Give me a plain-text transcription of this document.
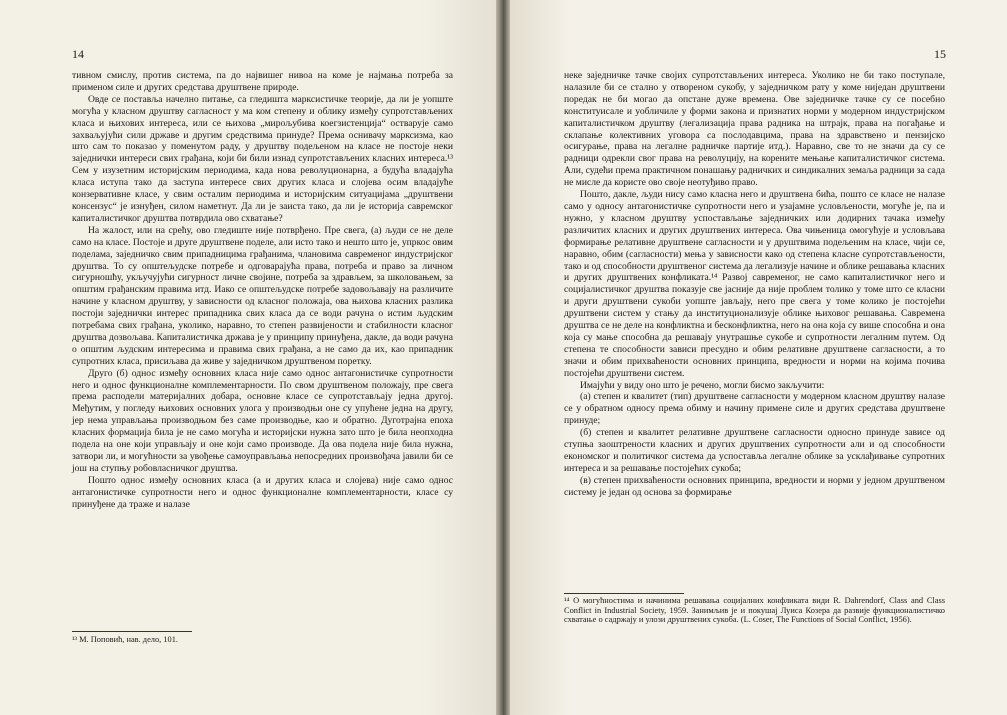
14

тивном смислу, против система, па до највишег нивоа на коме је најмања потреба за применом силе и других средстава друштвене природе.

Овде се поставља начелно питање, са гледишта марксистичке теорије, да ли је уопште могућа у класном друштву сагласност у ма ком степену и облику између супротстављених класа и њихових интереса, или се њихова „мирољубива коегзистенција“ остварује само захваљујући сили државе и другим средствима принуде? Према оснивачу марксизма, као што сам то показао у поменутом раду, у друштву подељеном на класе не постоје неки заједнички интереси свих грађана, који би били изнад супротстављених класних интереса.¹³ Сем у изузетним историјским периодима, када нова револуционарна, а будућа владајућа класа иступа тако да заступа интересе свих других класа и слојева осим владајуће конзервативне класе, у свим осталим периодима и историјским ситуацијама „друштвени консензус“ је изнуђен, силом наметнут. Да ли је заиста тако, да ли је историја савремског капиталистичког друштва потврдила ово схватање?

На жалост, или на срећу, ово гледиште није потврђено. Пре свега, (а) људи се не деле само на класе. Постоје и друге друштвене поделе, али исто тако и нешто што је, упркос овим поделама, заједничко свим припадницима грађанима, члановима савременог индустријског друштва. То су општељудске потребе и одговарајућа права, потреба и право за личном сигурношћу, укључујући сигурност личне својине, потреба за здрављем, за школовањем, за општим грађанским правима итд. Иако се општељудске потребе задовољавају на различите начине у класном друштву, у зависности од класног положаја, ова њихова класних разлика постоји заједнички интерес припадника свих класа да се води рачуна о истим људским потребама свих грађана, уколико, наравно, то степен развијености и стабилности класног друштва дозвољава. Капиталистичка држава је у принципу принуђена, дакле, да води рачуна о општим људским интересима и правима свих грађана, а не само да их, као припадник супротних класа, присиљава да живе у заједничком друштвеном поретку.

Друго (б) однос између основних класа није само однос антагонистичке супротности него и однос функционалне комплементарности. По свом друштвеном положају, пре свега према расподели материјалних добара, основне класе се супротстављају једна другој. Међутим, у погледу њихових основних улога у производњи оне су упућене једна на другу, јер нема управљања производњом без саме производње, као и обратно. Дуготрајна епоха класних формација била је не само могућа и историјски нужна зато што је била неопходна подела на оне који управљају и оне који само производе. Да ова подела није била нужна, затвори ли, и могућности за увођење самоуправљања непосредних произвођача јавили би се још на ступњу робовласничког друштва.

Пошто однос између основних класа (а и других класа и слојева) није само однос антагонистичке супротности него и однос функционалне комплементарности, класе су принуђене да траже и налазе

¹³ М. Поповић, нав. дело, 101.

15

неке заједничке тачке својих супротстављених интереса. Уколико не би тако поступале, налазиле би се стално у отвореном сукобу, у заједничком рату у коме ниједан друштвени поредак не би могао да опстане дуже времена. Ове заједничке тачке су се посебно конституисале и уобличиле у форми закона и признатих норми у модерном индустријском капиталистичком друштву (легализација права радника на штрајк, права на погађање и склапање колективних уговора са послодавцима, права на здравствено и пензијско осигурање, права на легалне радничке партије итд.). Наравно, све то не значи да су се радници одрекли свог права на револуцију, на корените мењање капиталистичког система. Али, судећи према практичном понашању радничких и синдикалних земаља радници за сада не мисле да користе ово своје неотуђиво право.

Пошто, дакле, људи нису само класна него и друштвена бића, пошто се класе не налазе само у односу антагонистичке супротности него и узајамне условљености, могуће је, па и нужно, у класном друштву успостављање заједничких или додирних тачака између различитих класних и других друштвених интереса. Ова чињеница омогућује и условљава формирање релативне друштвене сагласности и у друштвима подељеним на класе, чији се, наравно, обим (сагласности) мења у зависности како од степена класне супротстављености, тако и од способности друштвеног система да легализује начине и облике решавања класних и других друштвених конфликата.¹⁴ Развој савременог, не само капиталистичког него и социјалистичког друштва показује све јасније да није проблем толико у томе што се класни и други друштвени сукоби уопште јављају, него пре свега у томе колико је постојећи друштвени систем у стању да институционализује облике њиховог решавања. Савремена друштва се не деле на конфликтна и бесконфликтна, него на она која су више способна и она која су мање способна да решавају унутрашње сукобе и супротности легалним путем. Од степена те способности зависи пресудно и обим релативне друштвене сагласности, а то значи и обим прихваћености основних принципа, вредности и норми на којима почива постојећи друштвени систем.

Имајући у виду оно што је речено, могли бисмо закључити:

(а) степен и квалитет (тип) друштвене сагласности у модерном класном друштву налазе се у обратном односу према обиму и начину примене силе и других средстава друштвене принуде;

(б) степен и квалитет релативне друштвене сагласности односно принуде зависе од ступња заоштрености класних и других друштвених супротности али и од способности економског и политичког система да успоставља легалне облике за усклађивање супротних интереса и за решавање постојећих сукоба;

(в) степен прихваћености основних принципа, вредности и норми у једном друштвеном систему је један од основа за формирање

¹⁴ О могућностима и начинима решавања социјалних конфликата види R. Dahrendorf, Class and Class Conflict in Industrial Society, 1959. Занимљив је и покушај Луиса Козера да развије функционалистичко схватање о садржају и улози друштвених сукоба. (L. Coser, The Functions of Social Conflict, 1956).
